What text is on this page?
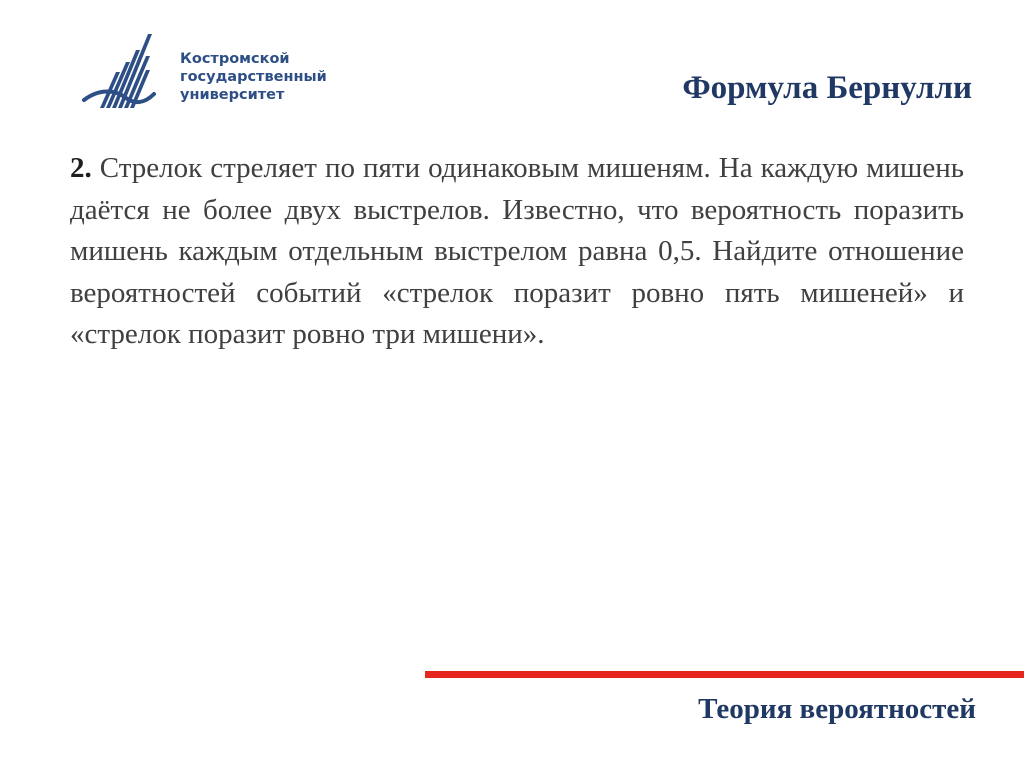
Костромской
государственный
университет	Формула Бернулли
2. Стрелок стреляет по пяти одинаковым мишеням. На каждую мишень даётся не более двух выстрелов. Известно, что вероятность поразить мишень каждым отдельным выстрелом равна 0,5. Найдите отношение вероятностей событий «стрелок поразит ровно пять мишеней» и «стрелок поразит ровно три мишени».
Теория вероятностей
